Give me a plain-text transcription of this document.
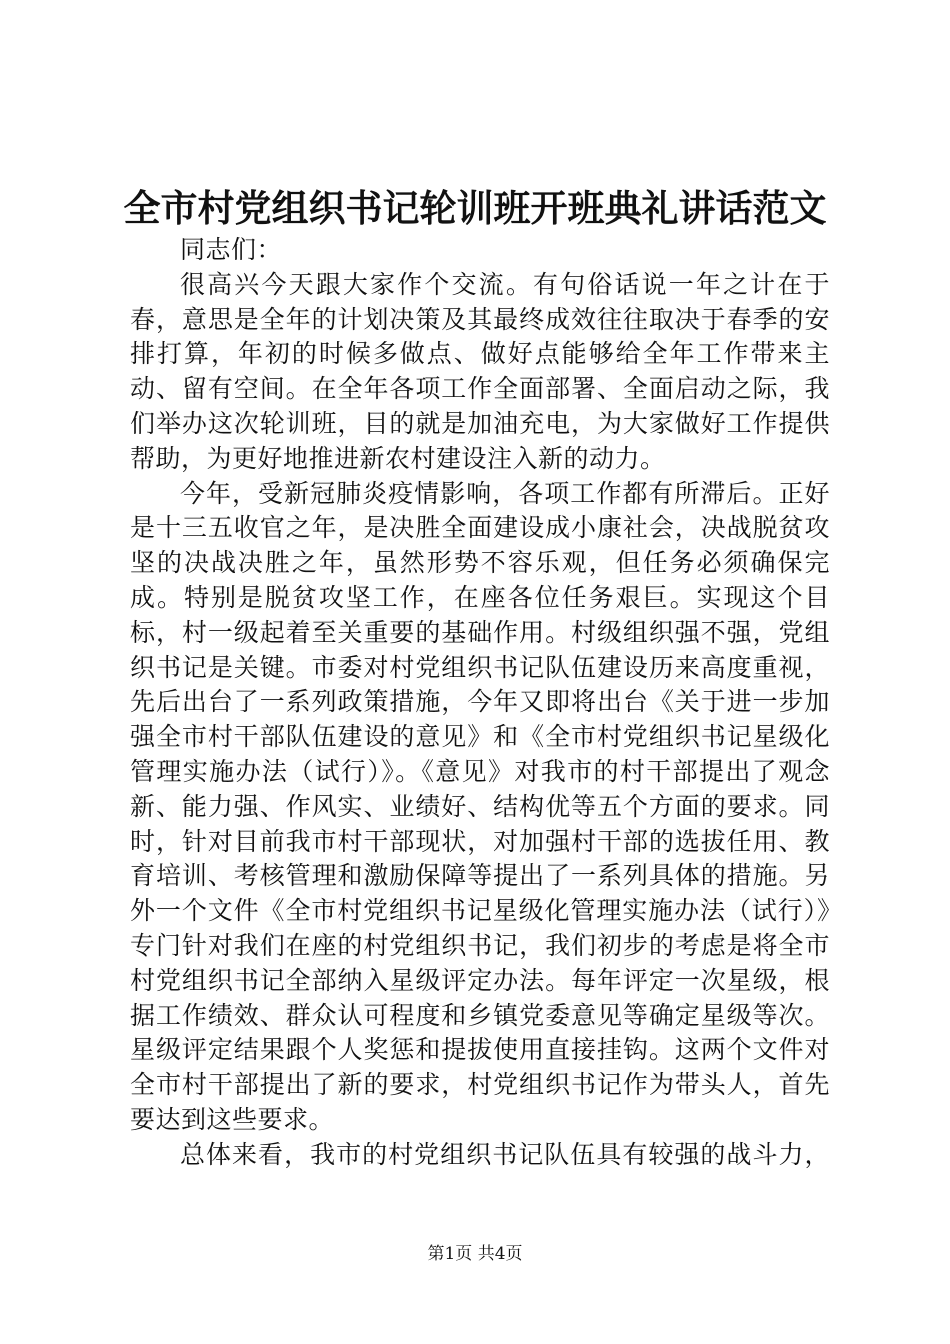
全市村党组织书记轮训班开班典礼讲话范文

同志们：

很高兴今天跟大家作个交流。有句俗话说一年之计在于春，意思是全年的计划决策及其最终成效往往取决于春季的安排打算，年初的时候多做点、做好点能够给全年工作带来主动、留有空间。在全年各项工作全面部署、全面启动之际，我们举办这次轮训班，目的就是加油充电，为大家做好工作提供帮助，为更好地推进新农村建设注入新的动力。

今年，受新冠肺炎疫情影响，各项工作都有所滞后。正好是十三五收官之年，是决胜全面建设成小康社会，决战脱贫攻坚的决战决胜之年，虽然形势不容乐观，但任务必须确保完成。特别是脱贫攻坚工作，在座各位任务艰巨。实现这个目标，村一级起着至关重要的基础作用。村级组织强不强，党组织书记是关键。市委对村党组织书记队伍建设历来高度重视，先后出台了一系列政策措施，今年又即将出台《关于进一步加强全市村干部队伍建设的意见》和《全市村党组织书记星级化管理实施办法（试行）》。《意见》对我市的村干部提出了观念新、能力强、作风实、业绩好、结构优等五个方面的要求。同时，针对目前我市村干部现状，对加强村干部的选拔任用、教育培训、考核管理和激励保障等提出了一系列具体的措施。另外一个文件《全市村党组织书记星级化管理实施办法（试行）》专门针对我们在座的村党组织书记，我们初步的考虑是将全市村党组织书记全部纳入星级评定办法。每年评定一次星级，根据工作绩效、群众认可程度和乡镇党委意见等确定星级等次。星级评定结果跟个人奖惩和提拔使用直接挂钩。这两个文件对全市村干部提出了新的要求，村党组织书记作为带头人，首先要达到这些要求。

总体来看，我市的村党组织书记队伍具有较强的战斗力，

第1页 共4页
